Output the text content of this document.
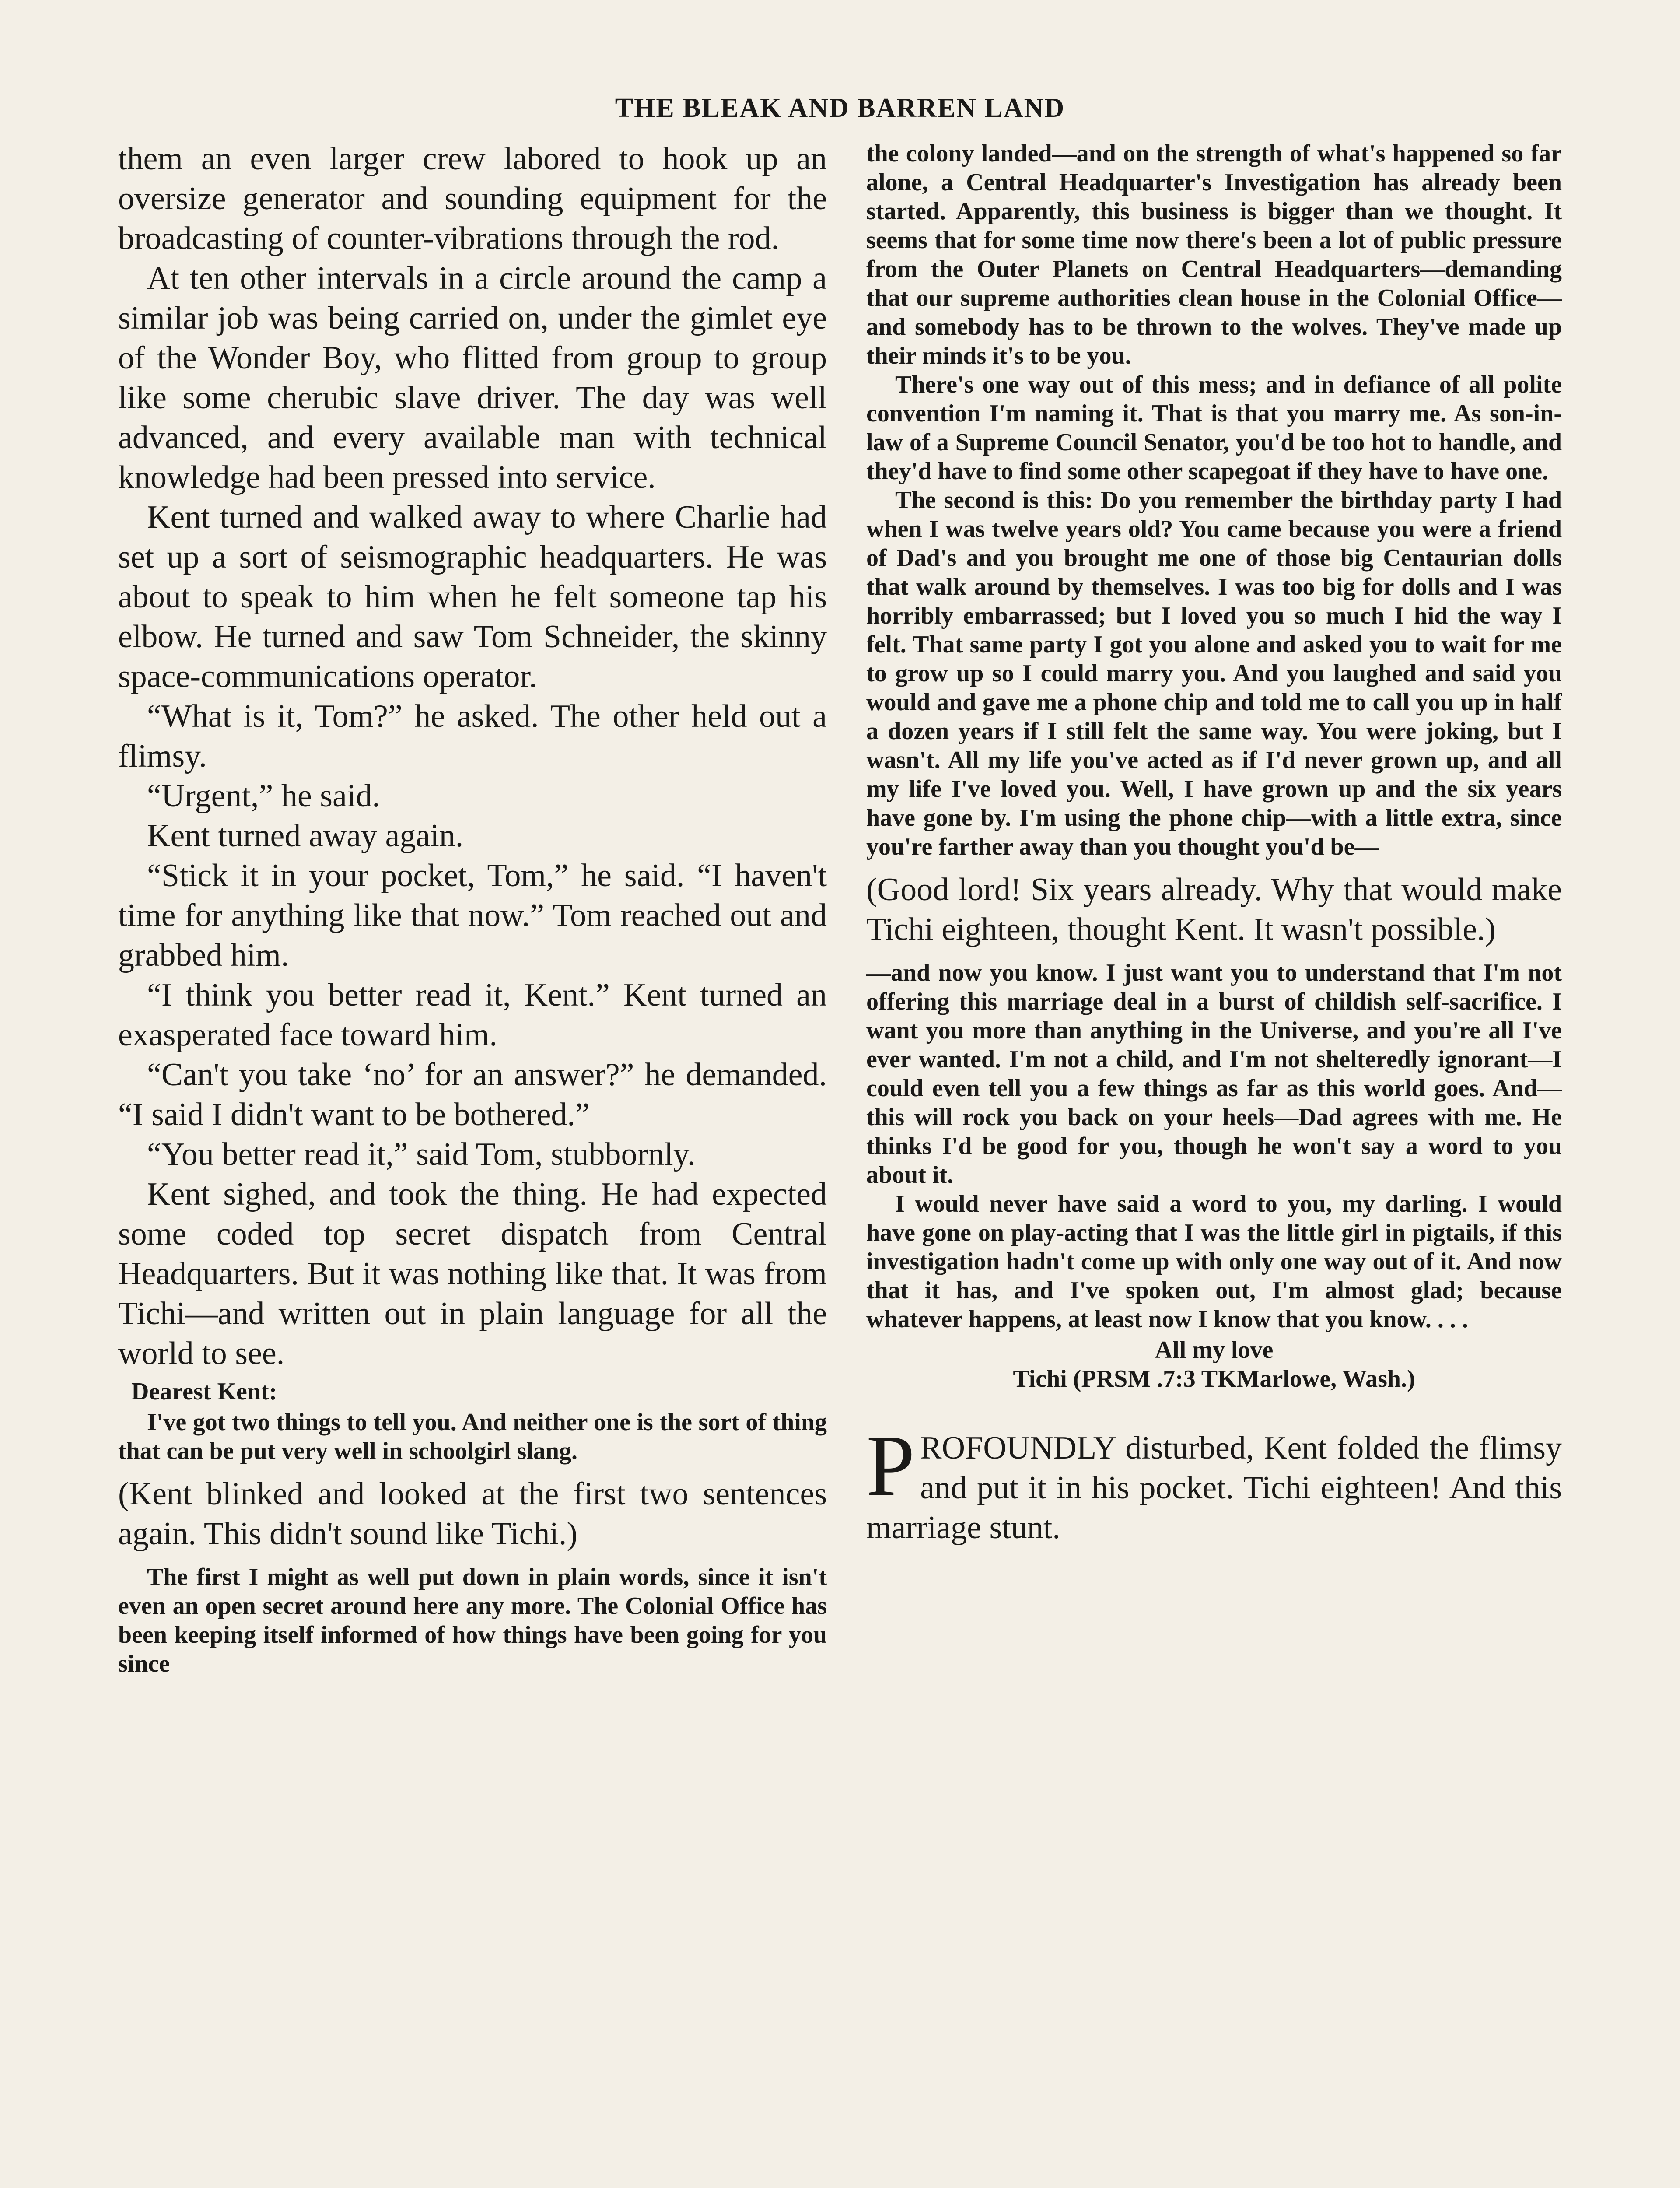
THE BLEAK AND BARREN LAND

them an even larger crew labored to hook up an oversize generator and sounding equipment for the broadcasting of counter-vibrations through the rod.

At ten other intervals in a circle around the camp a similar job was being carried on, under the gimlet eye of the Wonder Boy, who flitted from group to group like some cherubic slave driver. The day was well advanced, and every available man with technical knowledge had been pressed into service.

Kent turned and walked away to where Charlie had set up a sort of seismographic headquarters. He was about to speak to him when he felt someone tap his elbow. He turned and saw Tom Schneider, the skinny space-communications operator.

“What is it, Tom?” he asked. The other held out a flimsy.

“Urgent,” he said.

Kent turned away again.

“Stick it in your pocket, Tom,” he said. “I haven't time for anything like that now.” Tom reached out and grabbed him.

“I think you better read it, Kent.” Kent turned an exasperated face toward him.

“Can't you take ‘no’ for an answer?” he demanded. “I said I didn't want to be bothered.”

“You better read it,” said Tom, stubbornly.

Kent sighed, and took the thing. He had expected some coded top secret dispatch from Central Headquarters. But it was nothing like that. It was from Tichi—and written out in plain language for all the world to see.

Dearest Kent:

I've got two things to tell you. And neither one is the sort of thing that can be put very well in schoolgirl slang.

(Kent blinked and looked at the first two sentences again. This didn't sound like Tichi.)

The first I might as well put down in plain words, since it isn't even an open secret around here any more. The Colonial Office has been keeping itself informed of how things have been going for you since

the colony landed—and on the strength of what's happened so far alone, a Central Headquarter's Investigation has already been started. Apparently, this business is bigger than we thought. It seems that for some time now there's been a lot of public pressure from the Outer Planets on Central Headquarters—demanding that our supreme authorities clean house in the Colonial Office—and somebody has to be thrown to the wolves. They've made up their minds it's to be you.

There's one way out of this mess; and in defiance of all polite convention I'm naming it. That is that you marry me. As son-in-law of a Supreme Council Senator, you'd be too hot to handle, and they'd have to find some other scapegoat if they have to have one.

The second is this: Do you remember the birthday party I had when I was twelve years old? You came because you were a friend of Dad's and you brought me one of those big Centaurian dolls that walk around by themselves. I was too big for dolls and I was horribly embarrassed; but I loved you so much I hid the way I felt. That same party I got you alone and asked you to wait for me to grow up so I could marry you. And you laughed and said you would and gave me a phone chip and told me to call you up in half a dozen years if I still felt the same way. You were joking, but I wasn't. All my life you've acted as if I'd never grown up, and all my life I've loved you. Well, I have grown up and the six years have gone by. I'm using the phone chip—with a little extra, since you're farther away than you thought you'd be—

(Good lord! Six years already. Why that would make Tichi eighteen, thought Kent. It wasn't possible.)

—and now you know. I just want you to understand that I'm not offering this marriage deal in a burst of childish self-sacrifice. I want you more than anything in the Universe, and you're all I've ever wanted. I'm not a child, and I'm not shelteredly ignorant—I could even tell you a few things as far as this world goes. And—this will rock you back on your heels—Dad agrees with me. He thinks I'd be good for you, though he won't say a word to you about it.

I would never have said a word to you, my darling. I would have gone on play-acting that I was the little girl in pigtails, if this investigation hadn't come up with only one way out of it. And now that it has, and I've spoken out, I'm almost glad; because whatever happens, at least now I know that you know. . . .

All my love

Tichi (PRSM .7:3 TKMarlowe, Wash.)

PROFOUNDLY disturbed, Kent folded the flimsy and put it in his pocket. Tichi eighteen! And this marriage stunt.
